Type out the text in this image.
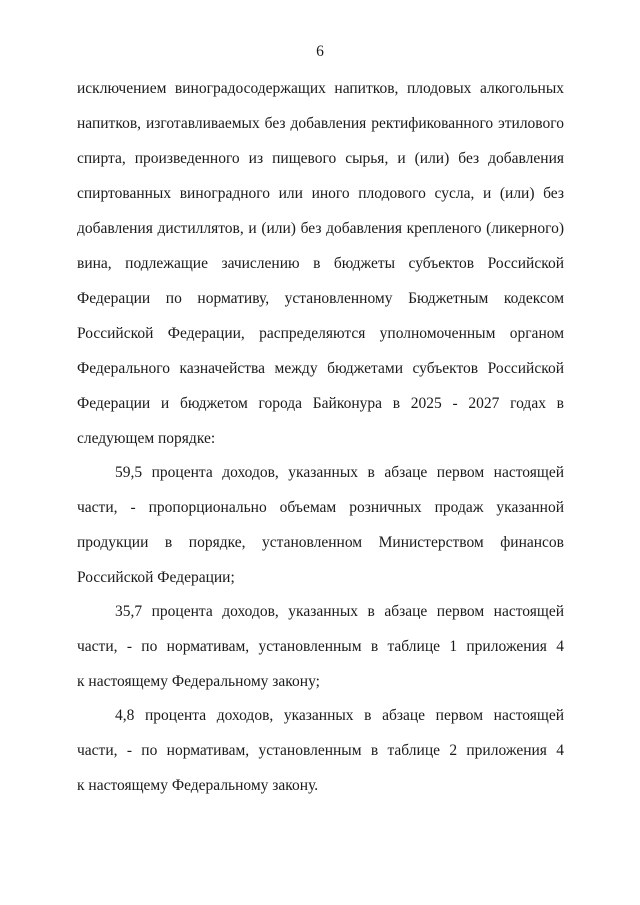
6
исключением виноградосодержащих напитков, плодовых алкогольных
напитков, изготавливаемых без добавления ректификованного этилового
спирта, произведенного из пищевого сырья, и (или) без добавления
спиртованных виноградного или иного плодового сусла, и (или) без
добавления дистиллятов, и (или) без добавления крепленого (ликерного)
вина, подлежащие зачислению в бюджеты субъектов Российской
Федерации по нормативу, установленному Бюджетным кодексом
Российской Федерации, распределяются уполномоченным органом
Федерального казначейства между бюджетами субъектов Российской
Федерации и бюджетом города Байконура в 2025 - 2027 годах в
следующем порядке:
59,5 процента доходов, указанных в абзаце первом настоящей
части, - пропорционально объемам розничных продаж указанной
продукции в порядке, установленном Министерством финансов
Российской Федерации;
35,7 процента доходов, указанных в абзаце первом настоящей
части, - по нормативам, установленным в таблице 1 приложения 4
к настоящему Федеральному закону;
4,8 процента доходов, указанных в абзаце первом настоящей
части, - по нормативам, установленным в таблице 2 приложения 4
к настоящему Федеральному закону.
